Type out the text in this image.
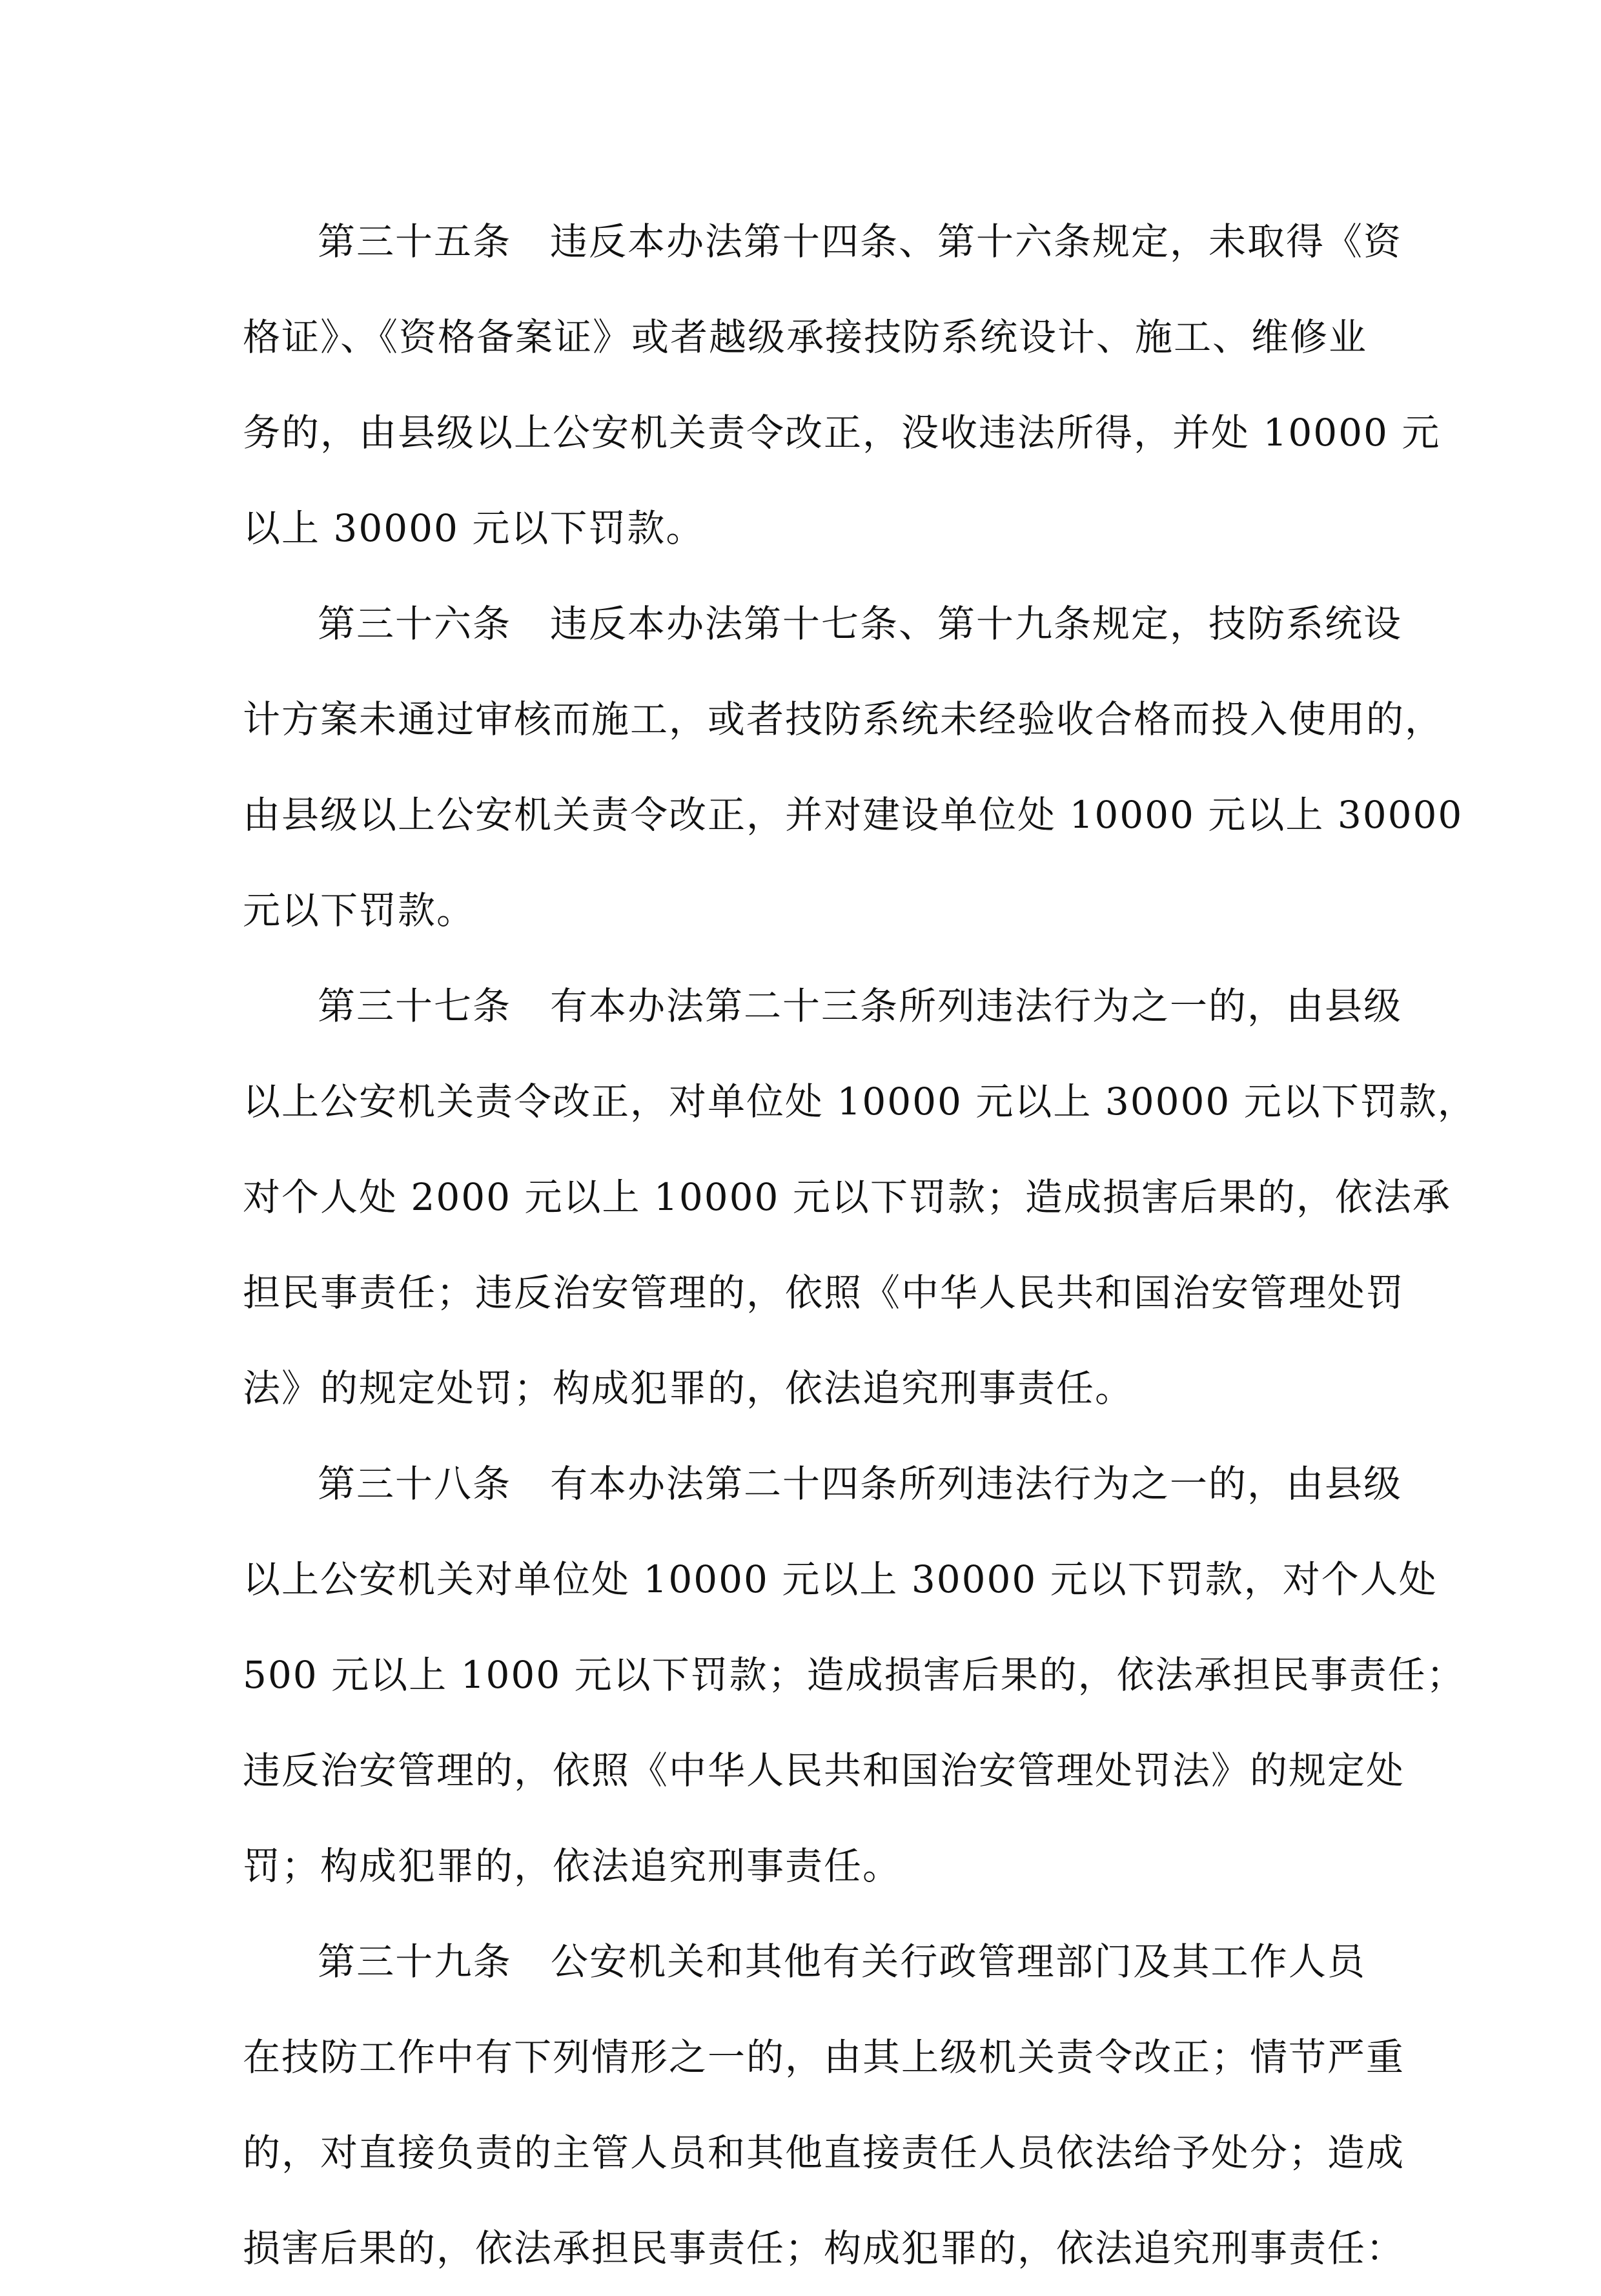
第三十五条　违反本办法第十四条、第十六条规定，未取得《资
格证》、《资格备案证》或者越级承接技防系统设计、施工、维修业
务的，由县级以上公安机关责令改正，没收违法所得，并处 10000 元
以上 30000 元以下罚款。
第三十六条　违反本办法第十七条、第十九条规定，技防系统设
计方案未通过审核而施工，或者技防系统未经验收合格而投入使用的，
由县级以上公安机关责令改正，并对建设单位处 10000 元以上 30000
元以下罚款。
第三十七条　有本办法第二十三条所列违法行为之一的，由县级
以上公安机关责令改正，对单位处 10000 元以上 30000 元以下罚款，
对个人处 2000 元以上 10000 元以下罚款；造成损害后果的，依法承
担民事责任；违反治安管理的，依照《中华人民共和国治安管理处罚
法》的规定处罚；构成犯罪的，依法追究刑事责任。
第三十八条　有本办法第二十四条所列违法行为之一的，由县级
以上公安机关对单位处 10000 元以上 30000 元以下罚款，对个人处
500 元以上 1000 元以下罚款；造成损害后果的，依法承担民事责任；
违反治安管理的，依照《中华人民共和国治安管理处罚法》的规定处
罚；构成犯罪的，依法追究刑事责任。
第三十九条　公安机关和其他有关行政管理部门及其工作人员
在技防工作中有下列情形之一的，由其上级机关责令改正；情节严重
的，对直接负责的主管人员和其他直接责任人员依法给予处分；造成
损害后果的，依法承担民事责任；构成犯罪的，依法追究刑事责任：
